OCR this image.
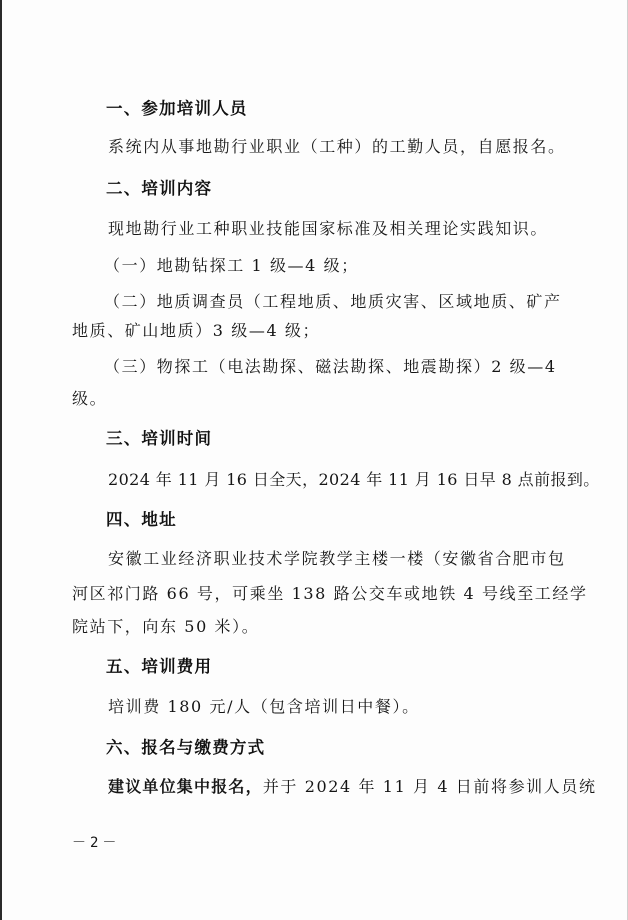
一、参加培训人员
系统内从事地勘行业职业（工种）的工勤人员，自愿报名。
二、培训内容
现地勘行业工种职业技能国家标准及相关理论实践知识。
（一）地勘钻探工 1 级—4 级；
（二）地质调查员（工程地质、地质灾害、区域地质、矿产
地质、矿山地质）3 级—4 级；
（三）物探工（电法勘探、磁法勘探、地震勘探）2 级—4
级。
三、培训时间
2024 年 11 月 16 日全天，2024 年 11 月 16 日早 8 点前报到。
四、地址
安徽工业经济职业技术学院教学主楼一楼（安徽省合肥市包
河区祁门路 66 号，可乘坐 138 路公交车或地铁 4 号线至工经学
院站下，向东 50 米）。
五、培训费用
培训费 180 元/人（包含培训日中餐）。
六、报名与缴费方式
建议单位集中报名，并于 2024 年 11 月 4 日前将参训人员统
－2－
